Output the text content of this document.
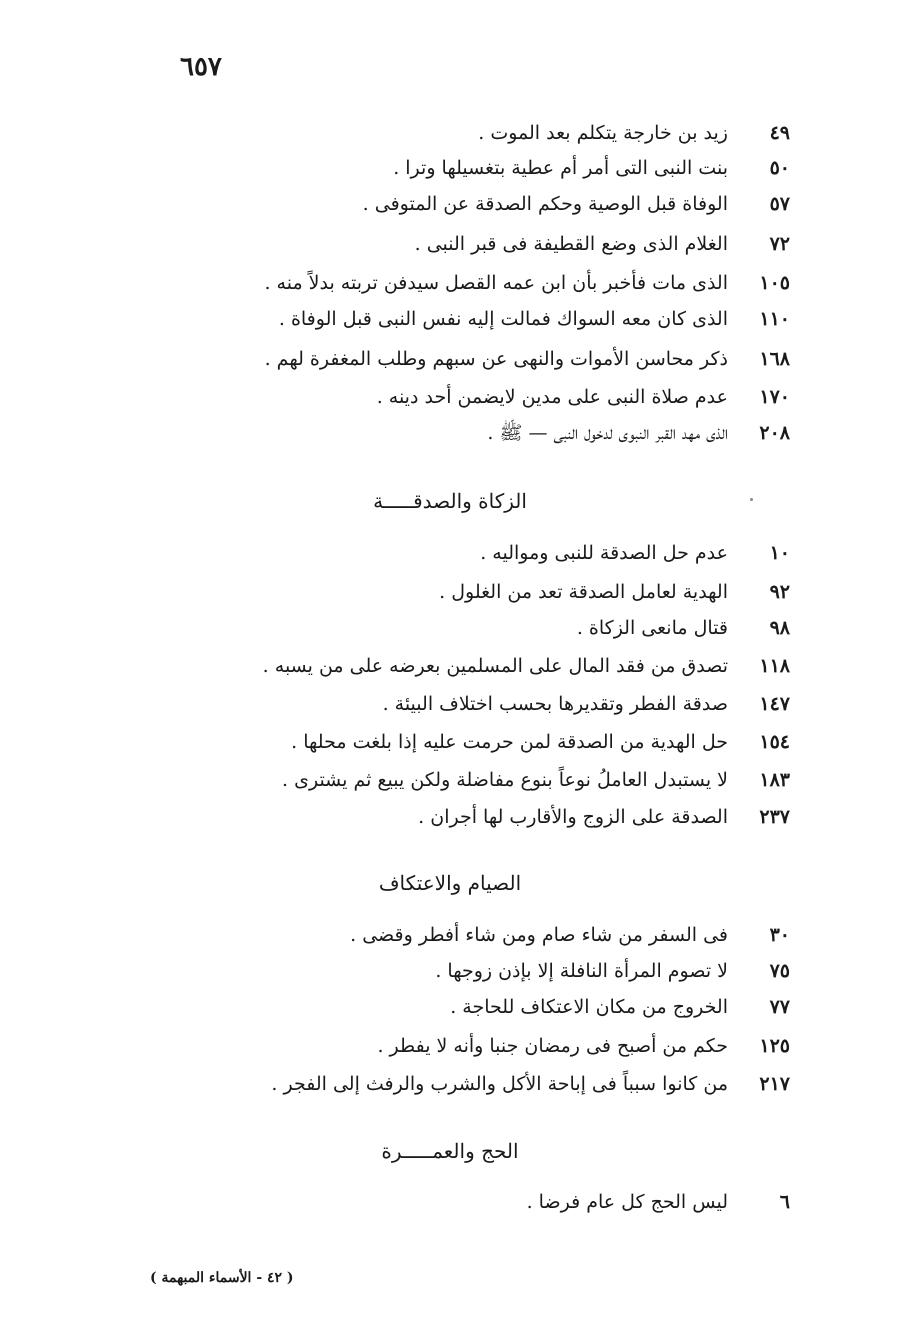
٦٥٧
٤٩
زيد بن خارجة يتكلم بعد الموت .
٥٠
بنت النبى التى أمر أم عطية بتغسيلها وترا .
٥٧
الوفاة قبل الوصية وحكم الصدقة عن المتوفى .
٧٢
الغلام الذى وضع القطيفة فى قبر النبى .
١٠٥
الذى مات فأخبر بأن ابن عمه القصل سيدفن تربته بدلاً منه .
١١٠
الذى كان معه السواك فمالت إليه نفس النبى قبل الوفاة .
١٦٨
ذكر محاسن الأموات والنهى عن سبهم وطلب المغفرة لهم .
١٧٠
عدم صلاة النبى على مدين لايضمن أحد دينه .
٢٠٨
الذى مهد القبر النبوى لدخول النبى — ﷺ .
الزكاة والصدقـــــة
١٠
عدم حل الصدقة للنبى ومواليه .
٩٢
الهدية لعامل الصدقة تعد من الغلول .
٩٨
قتال مانعى الزكاة .
١١٨
تصدق من فقد المال على المسلمين بعرضه على من يسبه .
١٤٧
صدقة الفطر وتقديرها بحسب اختلاف البيئة .
١٥٤
حل الهدية من الصدقة لمن حرمت عليه إذا بلغت محلها .
١٨٣
لا يستبدل العاملُ نوعاً بنوع مفاضلة ولكن يبيع ثم يشترى .
٢٣٧
الصدقة على الزوج والأقارب لها أجران .
الصيام والاعتكاف
٣٠
فى السفر من شاء صام ومن شاء أفطر وقضى .
٧٥
لا تصوم المرأة النافلة إلا بإذن زوجها .
٧٧
الخروج من مكان الاعتكاف للحاجة .
١٢٥
حكم من أصبح فى رمضان جنبا وأنه لا يفطر .
٢١٧
من كانوا سبباً فى إباحة الأكل والشرب والرفث إلى الفجر .
الحج والعمـــــرة
٦
ليس الحج كل عام فرضا .
( ٤٢ - الأسماء المبهمة )
